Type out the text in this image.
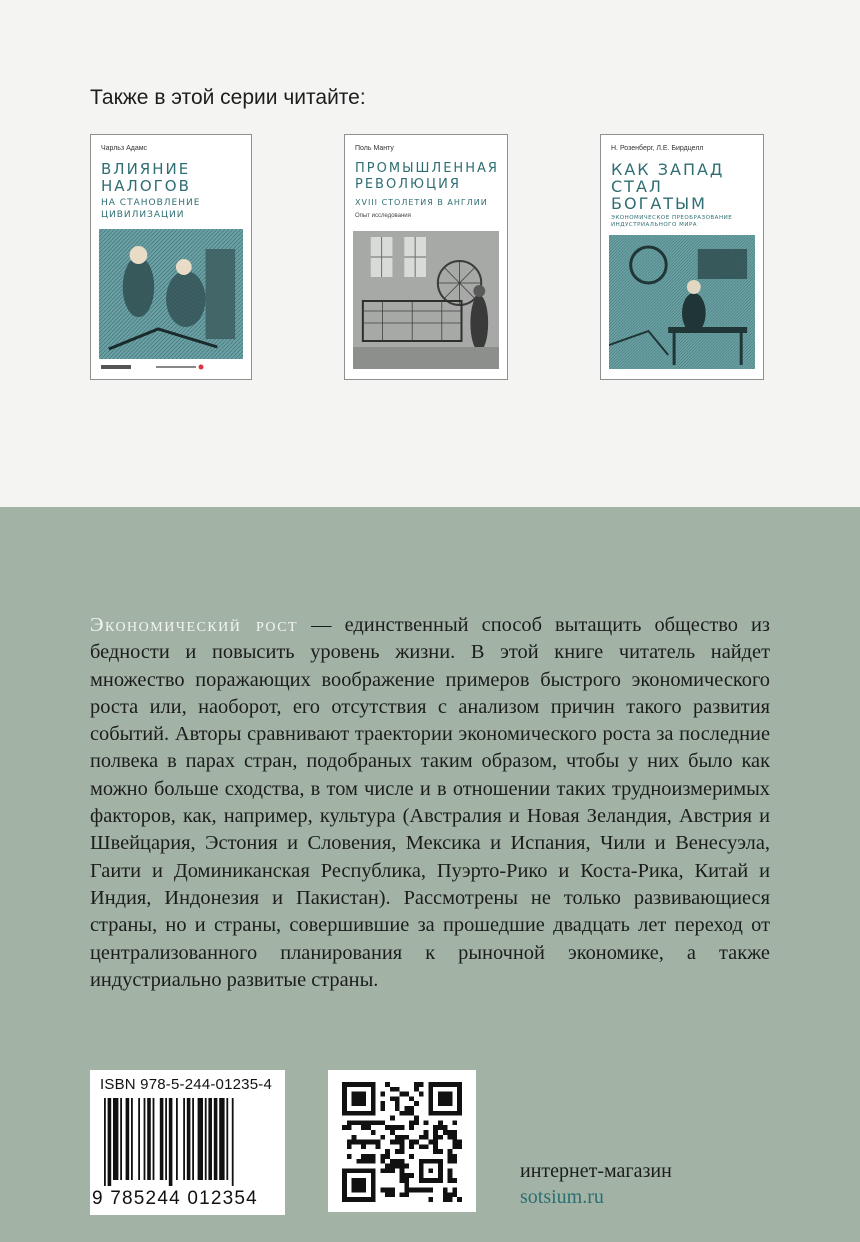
Также в этой серии читайте:
Чарльз Адамс
ВЛИЯНИЕ НАЛОГОВ
НА СТАНОВЛЕНИЕ ЦИВИЛИЗАЦИИ
Поль Манту
ПРОМЫШЛЕННАЯ РЕВОЛЮЦИЯ
XVIII СТОЛЕТИЯ В АНГЛИИ
Опыт исследования
Н. Розенберг, Л.Е. Бирдцелл
КАК ЗАПАД СТАЛ БОГАТЫМ
ЭКОНОМИЧЕСКОЕ ПРЕОБРАЗОВАНИЕ ИНДУСТРИАЛЬНОГО МИРА

Экономический рост — единственный способ вытащить общество из бедности и повысить уровень жизни. В этой книге читатель найдет множество поражающих воображение примеров быстрого экономического роста или, наоборот, его отсутствия с анализом причин такого развития событий. Авторы сравнивают траектории экономического роста за последние полвека в парах стран, подобраных таким образом, чтобы у них было как можно больше сходства, в том числе и в отношении таких трудноизмеримых факторов, как, например, культура (Австралия и Новая Зеландия, Австрия и Швейцария, Эстония и Словения, Мексика и Испания, Чили и Венесуэла, Гаити и Доминиканская Республика, Пуэрто-Рико и Коста-Рика, Китай и Индия, Индонезия и Пакистан). Рассмотрены не только развивающиеся страны, но и страны, совершившие за прошедшие двадцать лет переход от централизованного планирования к рыночной экономике, а также индустриально развитые страны.

ISBN 978-5-244-01235-4
9 785244 012354
интернет-магазин
sotsium.ru
